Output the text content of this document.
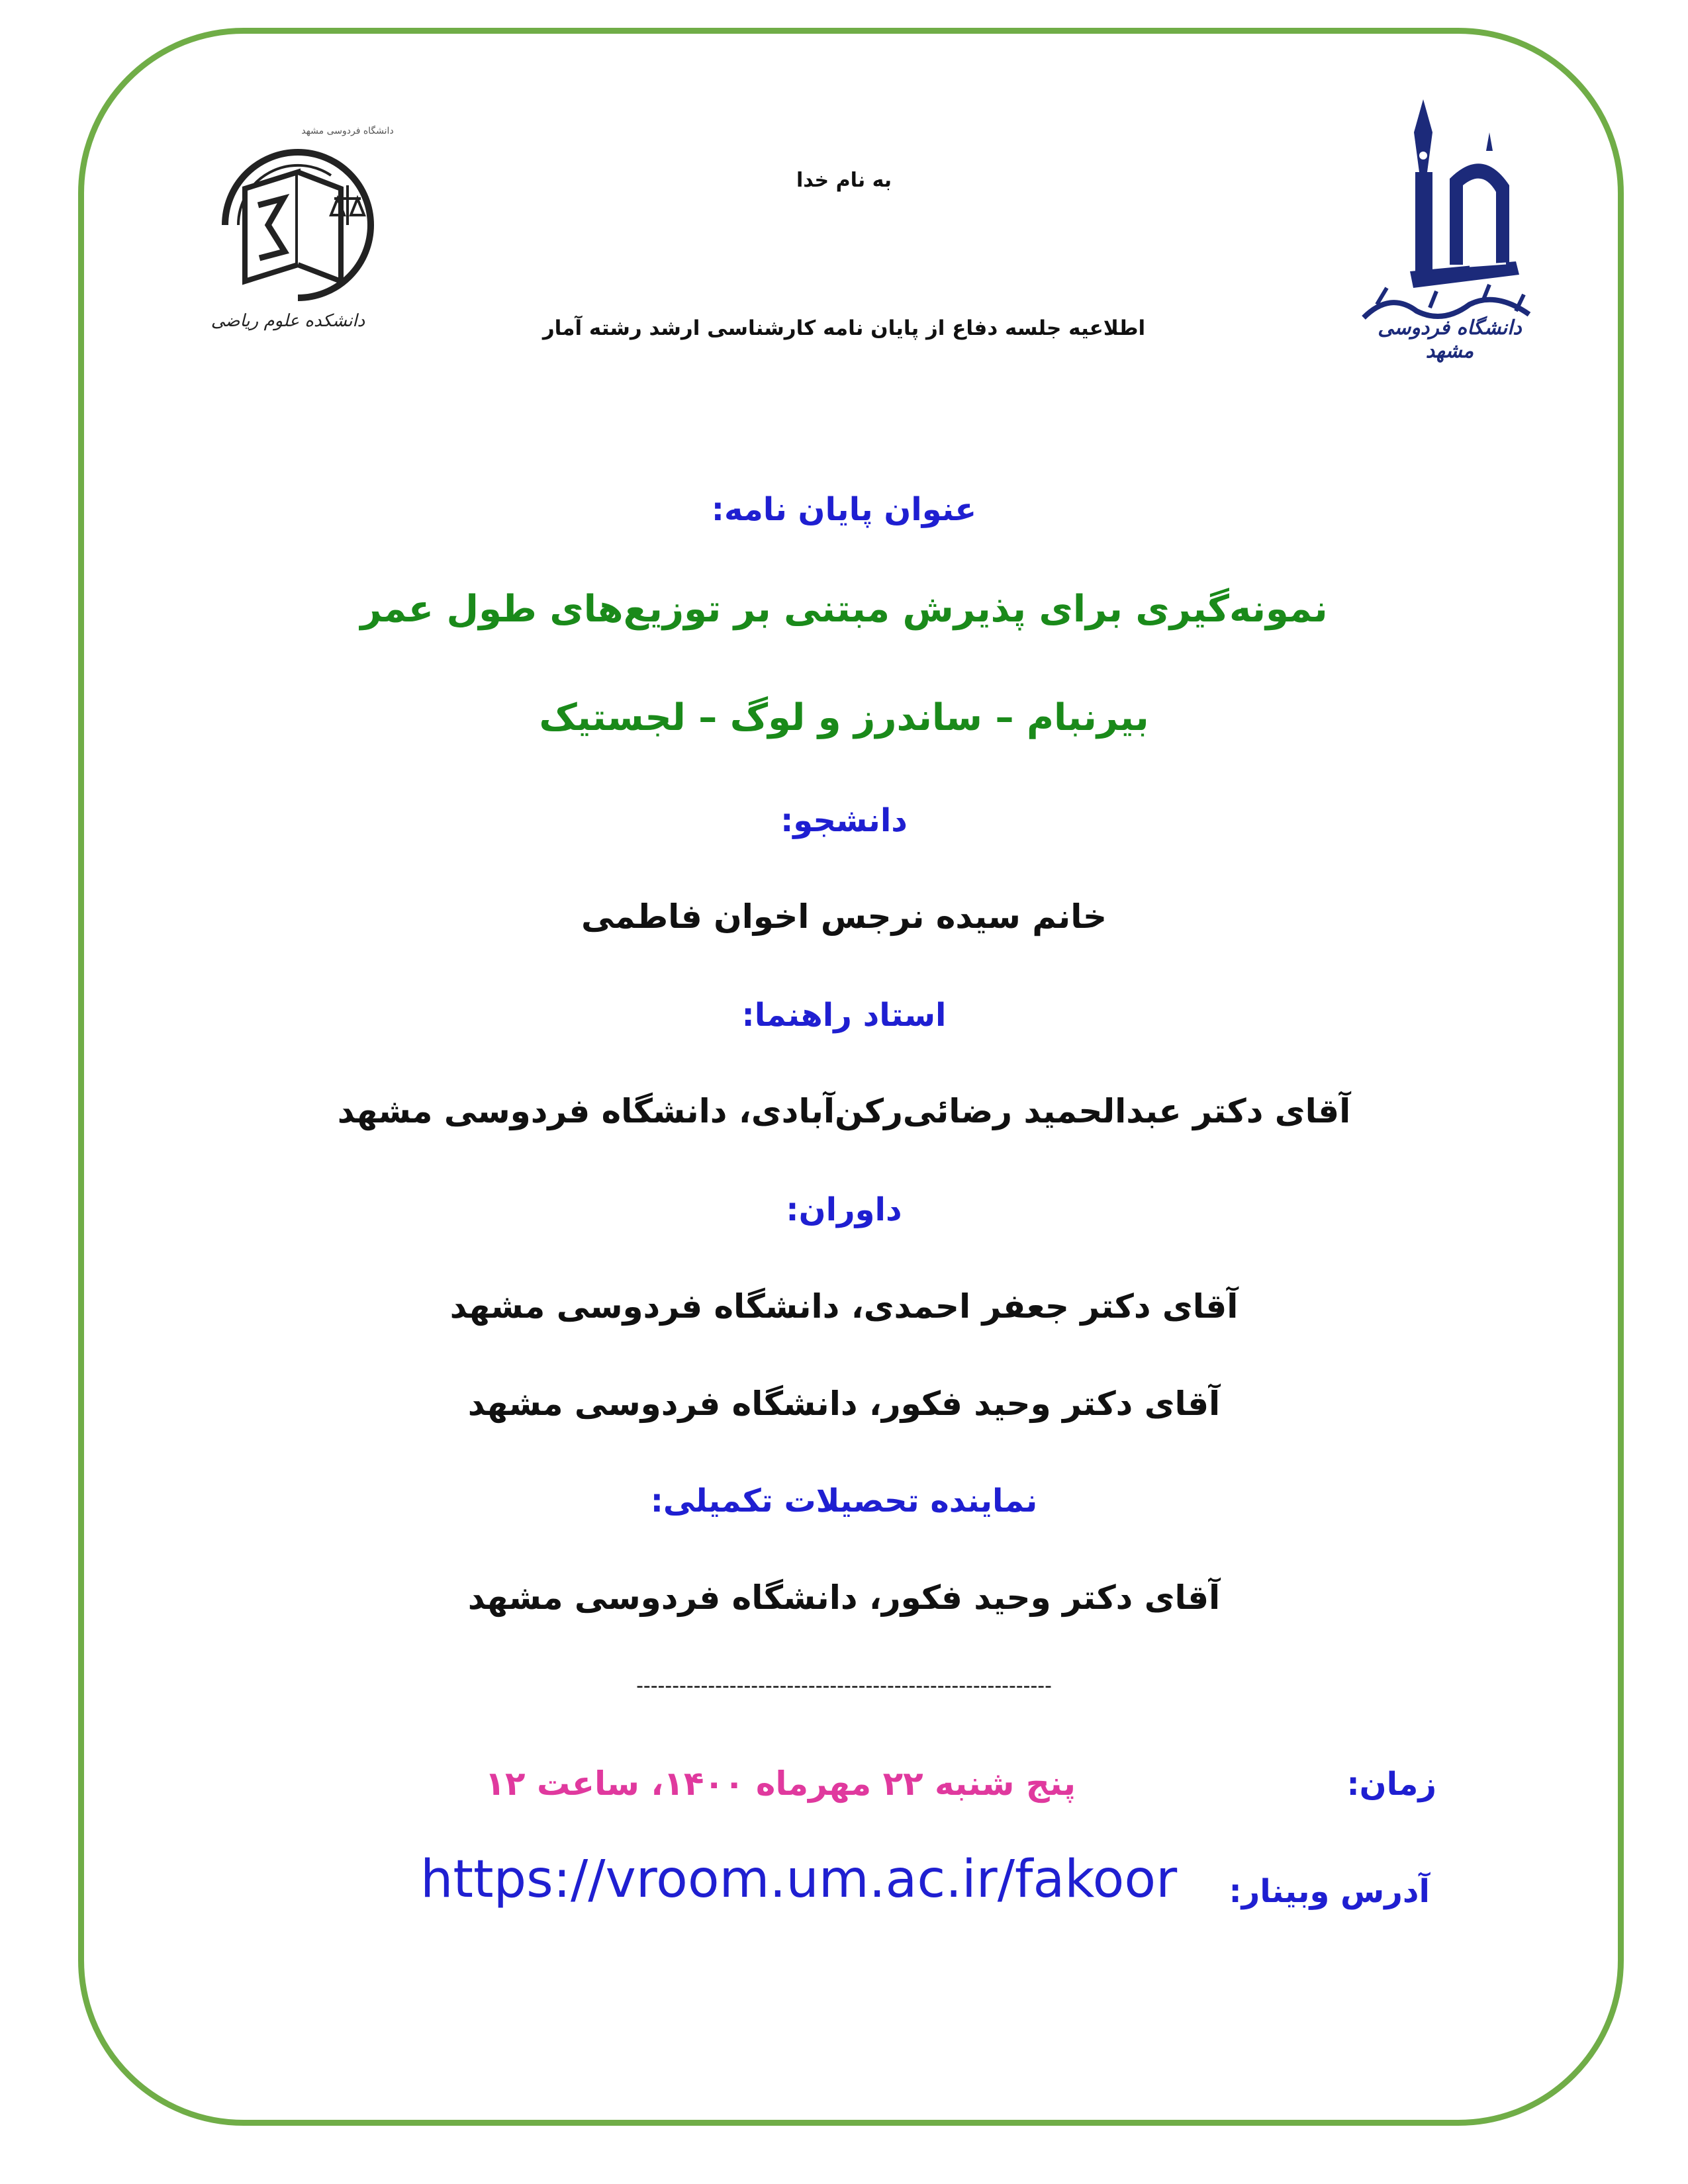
دانشگاه فردوسی مشهد
دانشگاه فردوسی مشهد
دانشکده علوم ریاضی
به نام خدا
اطلاعیه جلسه دفاع از پایان نامه کارشناسی ارشد رشته آمار
عنوان پایان نامه:
نمونه‌گیری برای پذیرش مبتنی بر توزیع‌های طول عمر
بیرنبام – ساندرز و لوگ – لجستیک
دانشجو:
خانم سیده نرجس اخوان فاطمی
استاد راهنما:
آقای دکتر عبدالحمید رضائی‌رکن‌آبادی، دانشگاه فردوسی مشهد
داوران:
آقای دکتر جعفر احمدی، دانشگاه فردوسی مشهد
آقای دکتر وحید فکور، دانشگاه فردوسی مشهد
نماینده تحصیلات تکمیلی:
آقای دکتر وحید فکور، دانشگاه فردوسی مشهد
----------------------------------------------------------
زمان:
پنج شنبه ۲۲ مهرماه ۱۴۰۰، ساعت ۱۲
آدرس وبینار:
https://vroom.um.ac.ir/fakoor
